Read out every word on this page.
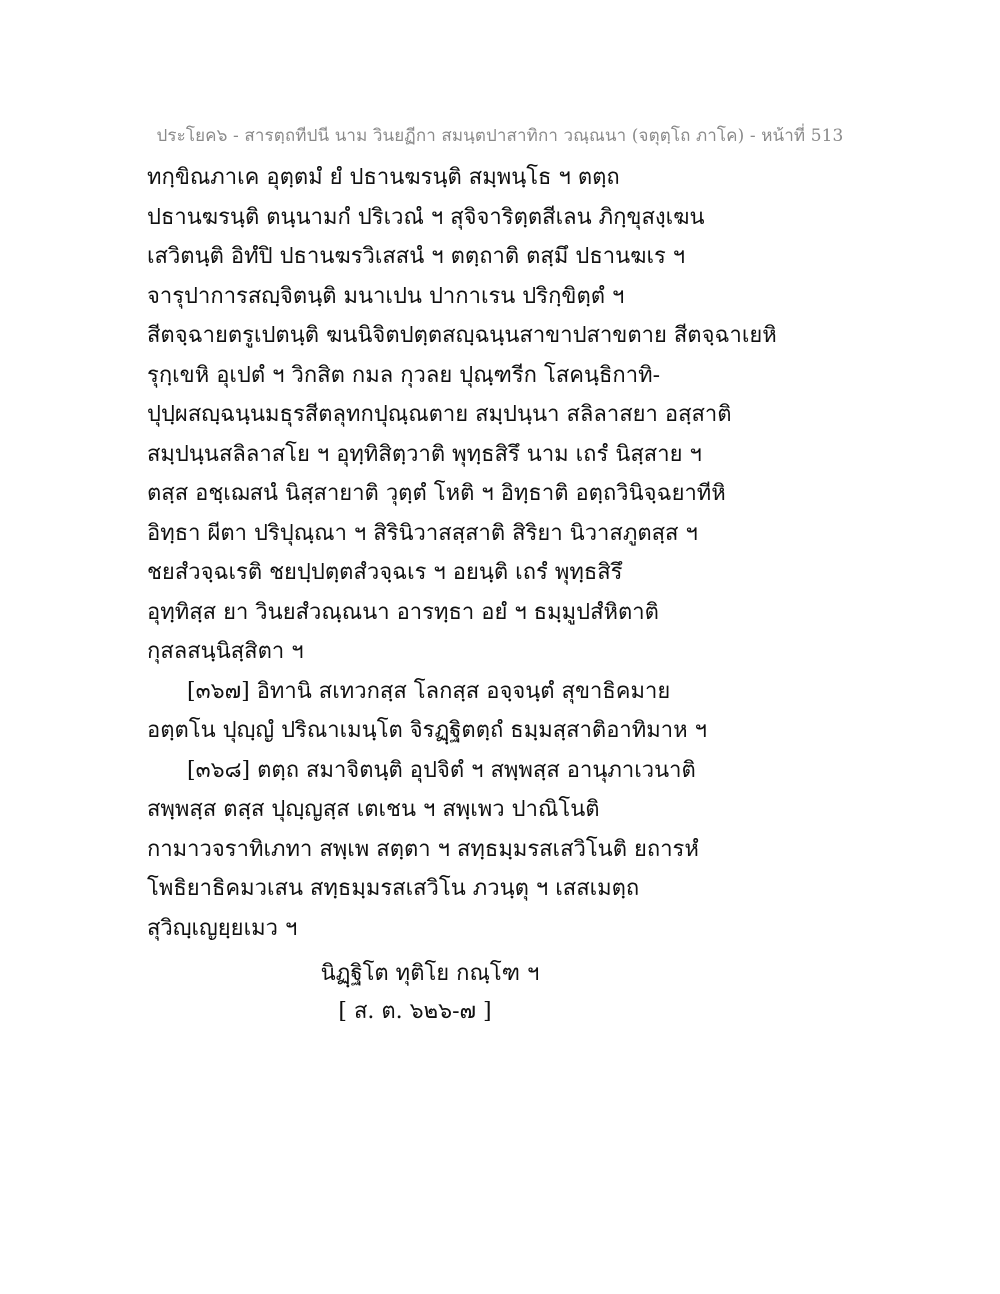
ประโยค๖ - สารตฺถทีปนี นาม วินยฏีกา สมนฺตปาสาทิกา วณฺณนา (จตุตฺโถ ภาโค) - หน้าที่ 513
ทกฺขิณภาเค อุตฺตมํ ยํ ปธานฆรนฺติ สมฺพนฺโธ ฯ ตตฺถ
ปธานฆรนฺติ ตนฺนามกํ ปริเวณํ ฯ สุจิจาริตฺตสีเลน ภิกฺขุสงฺเฆน
เสวิตนฺติ อิทํปิ ปธานฆรวิเสสนํ ฯ ตตฺถาติ ตสฺมึ ปธานฆเร ฯ
จารุปาการสญฺจิตนฺติ มนาเปน ปากาเรน ปริกฺขิตฺตํ ฯ
สีตจฺฉายตรูเปตนฺติ ฆนนิจิตปตฺตสญฺฉนฺนสาขาปสาขตาย สีตจฺฉาเยหิ
รุกฺเขหิ อุเปตํ ฯ วิกสิต กมล กุวลย ปุณฺฑรีก โสคนฺธิกาทิ-
ปุปฺผสญฺฉนฺนมธุรสีตลุทกปุณฺณตาย สมฺปนฺนา สลิลาสยา อสฺสาติ
สมฺปนฺนสลิลาสโย ฯ อุทฺทิสิตฺวาติ พุทฺธสิรึ นาม เถรํ นิสฺสาย ฯ
ตสฺส อชฺเฌสนํ นิสฺสายาติ วุตฺตํ โหติ ฯ อิทฺธาติ อตฺถวินิจฺฉยาทีหิ
อิทฺธา ผีตา ปริปุณฺณา ฯ สิรินิวาสสฺสาติ สิริยา นิวาสภูตสฺส ฯ
ชยสํวจฺฉเรติ ชยปฺปตฺตสํวจฺฉเร ฯ อยนฺติ เถรํ พุทฺธสิรึ
อุทฺทิสฺส ยา วินยสํวณฺณนา อารทฺธา อยํ ฯ ธมฺมูปสํหิตาติ
กุสลสนฺนิสฺสิตา ฯ
[๓๖๗] อิทานิ สเทวกสฺส โลกสฺส อจฺจนฺตํ สุขาธิคมาย
อตฺตโน ปุญฺญํ ปริณาเมนฺโต จิรฏฺฐิตตฺถํ ธมฺมสฺสาติอาทิมาห ฯ
[๓๖๘] ตตฺถ สมาจิตนฺติ อุปจิตํ ฯ สพฺพสฺส อานุภาเวนาติ
สพฺพสฺส ตสฺส ปุญฺญสฺส เตเชน ฯ สพฺเพว ปาณิโนติ
กามาวจราทิเภทา สพฺเพ สตฺตา ฯ สทฺธมฺมรสเสวิโนติ ยถารหํ
โพธิยาธิคมวเสน สทฺธมฺมรสเสวิโน ภวนฺตุ ฯ เสสเมตฺถ
สุวิญฺเญยฺยเมว ฯ
นิฏฺฐิโต ทุติโย กณฺโฑ ฯ
[ ส. ต. ๖๒๖-๗ ]
